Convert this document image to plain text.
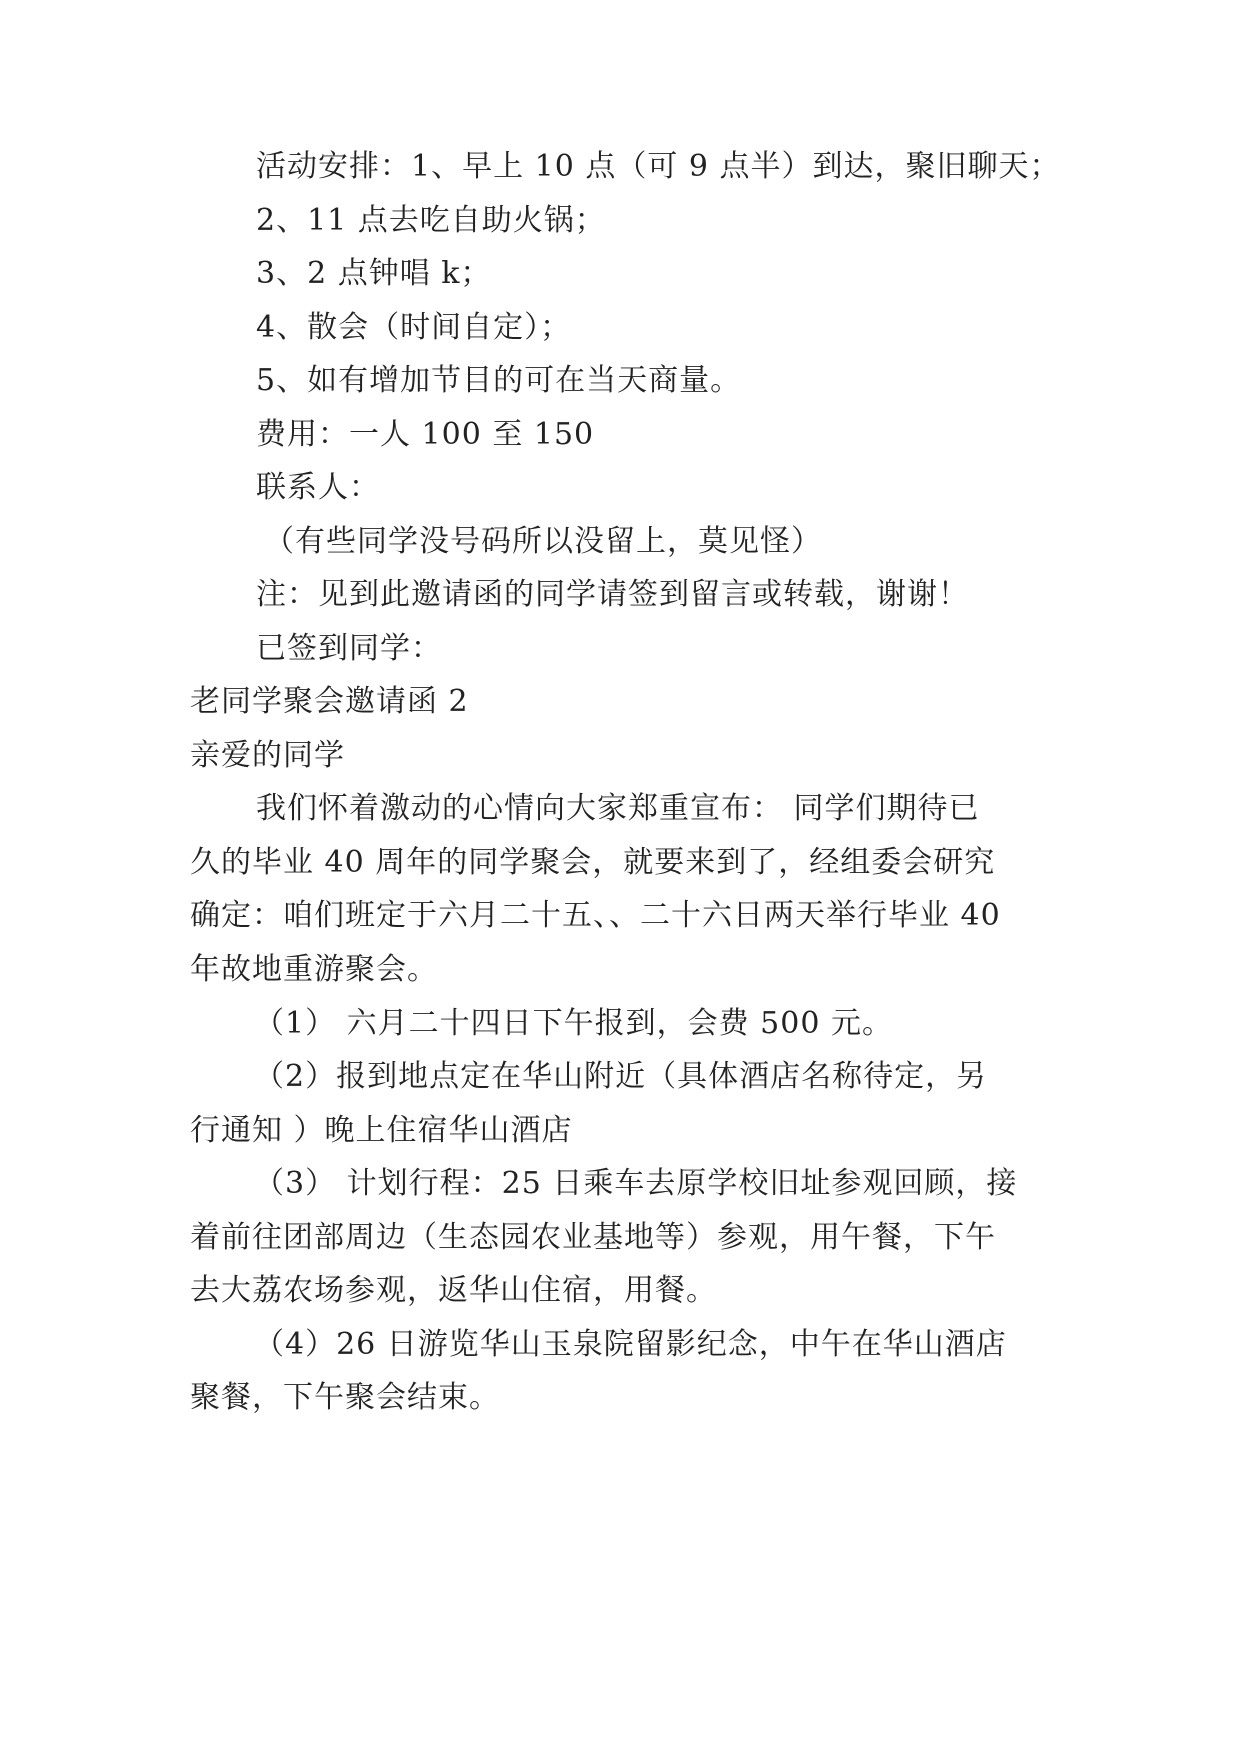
活动安排：1、早上 10 点（可 9 点半）到达，聚旧聊天；
2、11 点去吃自助火锅；
3、2 点钟唱 k；
4、散会（时间自定）；
5、如有增加节目的可在当天商量。
费用：一人 100 至 150
联系人：
（有些同学没号码所以没留上，莫见怪）
注：见到此邀请函的同学请签到留言或转载，谢谢！
已签到同学：
老同学聚会邀请函 2
亲爱的同学
我们怀着激动的心情向大家郑重宣布： 同学们期待已
久的毕业 40 周年的同学聚会，就要来到了，经组委会研究
确定：咱们班定于六月二十五、、二十六日两天举行毕业 40
年故地重游聚会。
（1） 六月二十四日下午报到，会费 500 元。
（2）报到地点定在华山附近（具体酒店名称待定，另
行通知 ）晚上住宿华山酒店
（3） 计划行程：25 日乘车去原学校旧址参观回顾，接
着前往团部周边（生态园农业基地等）参观，用午餐，下午
去大荔农场参观，返华山住宿，用餐。
（4）26 日游览华山玉泉院留影纪念，中午在华山酒店
聚餐，下午聚会结束。
